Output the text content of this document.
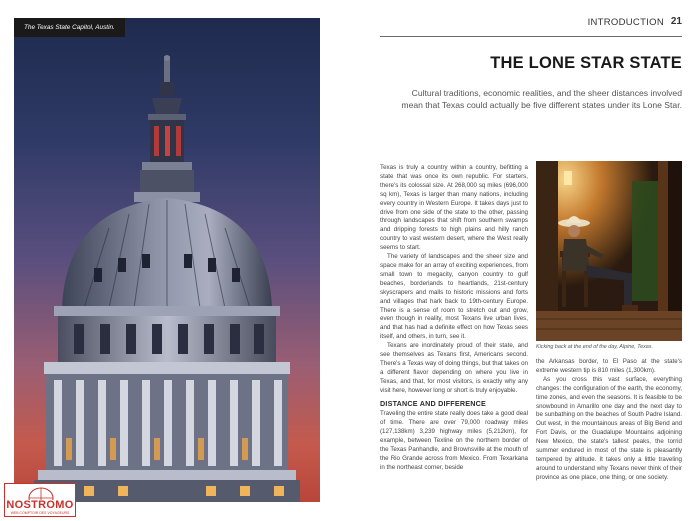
The Texas State Capitol, Austin.
NOSTROMO
WEB COMPTOIR DES VOYAGEURS
INTRODUCTION 21
THE LONE STAR STATE
Cultural traditions, economic realities, and the sheer distances involved mean that Texas could actually be five different states under its Lone Star.

Texas is truly a country within a country, befitting a state that was once its own republic. For starters, there's its colossal size. At 268,000 sq miles (696,000 sq km), Texas is larger than many nations, including every country in Western Europe. It takes days just to drive from one side of the state to the other, passing through landscapes that shift from southern swamps and dripping forests to high plains and hilly ranch country to vast western desert, where the West really seems to start.

The variety of landscapes and the sheer size and space make for an array of exciting experiences, from small town to megacity, canyon country to gulf beaches, borderlands to heartlands, 21st-century skyscrapers and malls to historic missions and forts and villages that hark back to 19th-century Europe. There is a sense of room to stretch out and grow, even though in reality, most Texans live urban lives, and that has had a definite effect on how Texas sees itself, and others, in turn, see it.

Texans are inordinately proud of their state, and see themselves as Texans first, Americans second. There's a Texas way of doing things, but that takes on a different flavor depending on where you live in Texas, and that, for most visitors, is exactly why any visit here, however long or short is truly enjoyable.

DISTANCE AND DIFFERENCE

Traveling the entire state really does take a good deal of time. There are over 79,000 roadway miles (127,138km) 3,239 highway miles (5,212km), for example, between Texline on the northern border of the Texas Panhandle, and Brownsville at the mouth of the Rio Grande across from Mexico. From Texarkana in the northeast corner, beside

Kicking back at the end of the day, Alpine, Texas.

the Arkansas border, to El Paso at the state's extreme western tip is 810 miles (1,300km).

As you cross this vast surface, everything changes: the configuration of the earth, the economy, time zones, and even the seasons. It is feasible to be snowbound in Amarillo one day and the next day to be sunbathing on the beaches of South Padre Island. Out west, in the mountainous areas of Big Bend and Fort Davis, or the Guadalupe Mountains adjoining New Mexico, the state's tallest peaks, the torrid summer endured in most of the state is pleasantly tempered by altitude. It takes only a little traveling around to understand why Texans never think of their province as one place, one thing, or one society.
